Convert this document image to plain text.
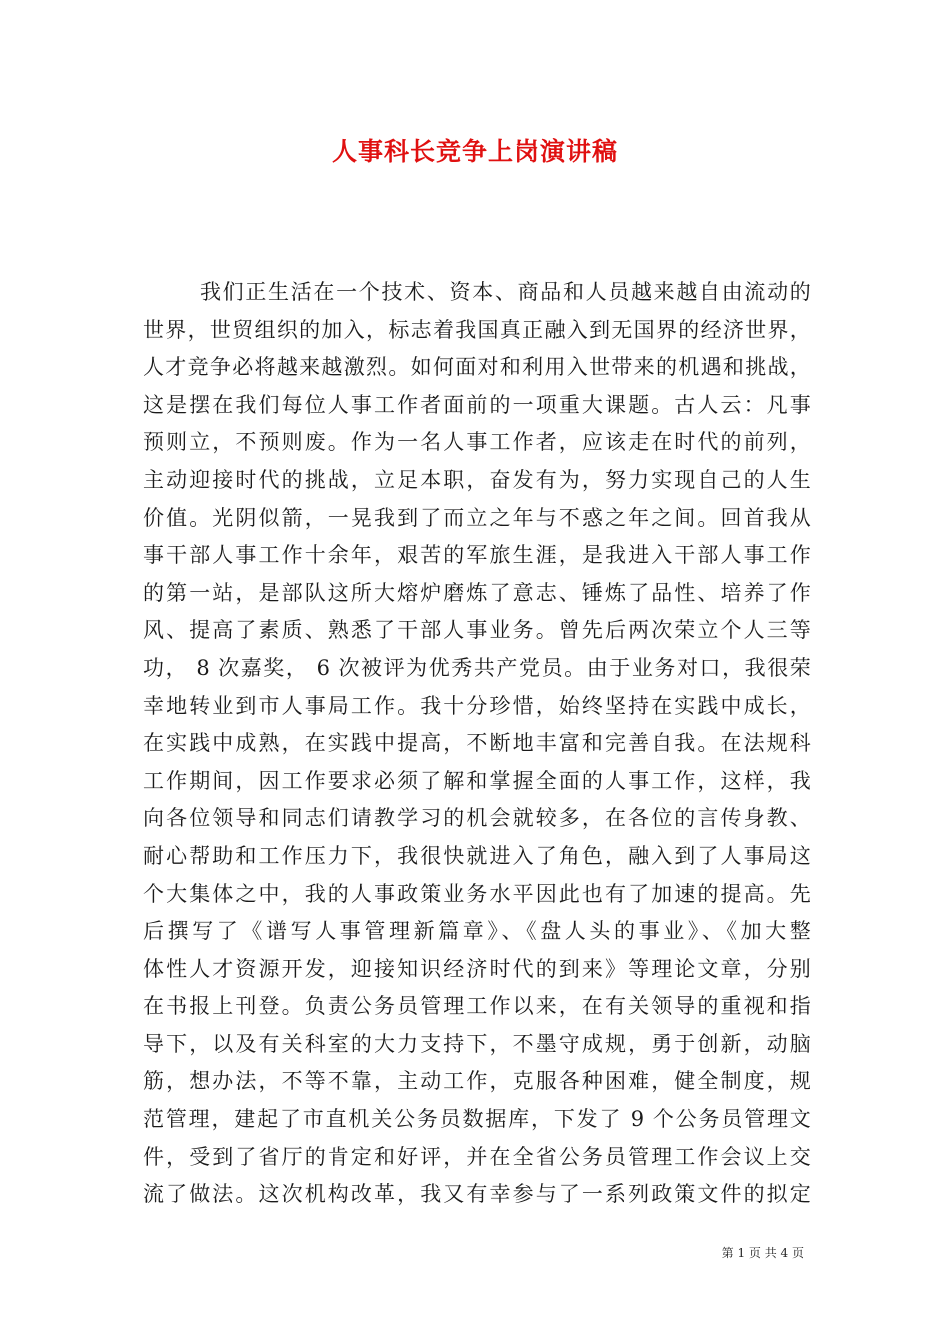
人事科长竞争上岗演讲稿
我们正生活在一个技术、资本、商品和人员越来越自由流动的
世界，世贸组织的加入，标志着我国真正融入到无国界的经济世界，
人才竞争必将越来越激烈。如何面对和利用入世带来的机遇和挑战，
这是摆在我们每位人事工作者面前的一项重大课题。古人云：凡事
预则立，不预则废。作为一名人事工作者，应该走在时代的前列，
主动迎接时代的挑战，立足本职，奋发有为，努力实现自己的人生
价值。光阴似箭，一晃我到了而立之年与不惑之年之间。回首我从
事干部人事工作十余年，艰苦的军旅生涯，是我进入干部人事工作
的第一站，是部队这所大熔炉磨炼了意志、锤炼了品性、培养了作
风、提高了素质、熟悉了干部人事业务。曾先后两次荣立个人三等
功， 8 次嘉奖， 6 次被评为优秀共产党员。由于业务对口，我很荣
幸地转业到市人事局工作。我十分珍惜，始终坚持在实践中成长，
在实践中成熟，在实践中提高，不断地丰富和完善自我。在法规科
工作期间，因工作要求必须了解和掌握全面的人事工作，这样，我
向各位领导和同志们请教学习的机会就较多，在各位的言传身教、
耐心帮助和工作压力下，我很快就进入了角色，融入到了人事局这
个大集体之中，我的人事政策业务水平因此也有了加速的提高。先
后撰写了《谱写人事管理新篇章》、《盘人头的事业》、《加大整
体性人才资源开发，迎接知识经济时代的到来》等理论文章，分别
在书报上刊登。负责公务员管理工作以来，在有关领导的重视和指
导下，以及有关科室的大力支持下，不墨守成规，勇于创新，动脑
筋，想办法，不等不靠，主动工作，克服各种困难，健全制度，规
范管理，建起了市直机关公务员数据库，下发了 9 个公务员管理文
件，受到了省厅的肯定和好评，并在全省公务员管理工作会议上交
流了做法。这次机构改革，我又有幸参与了一系列政策文件的拟定
第 1 页 共 4 页
